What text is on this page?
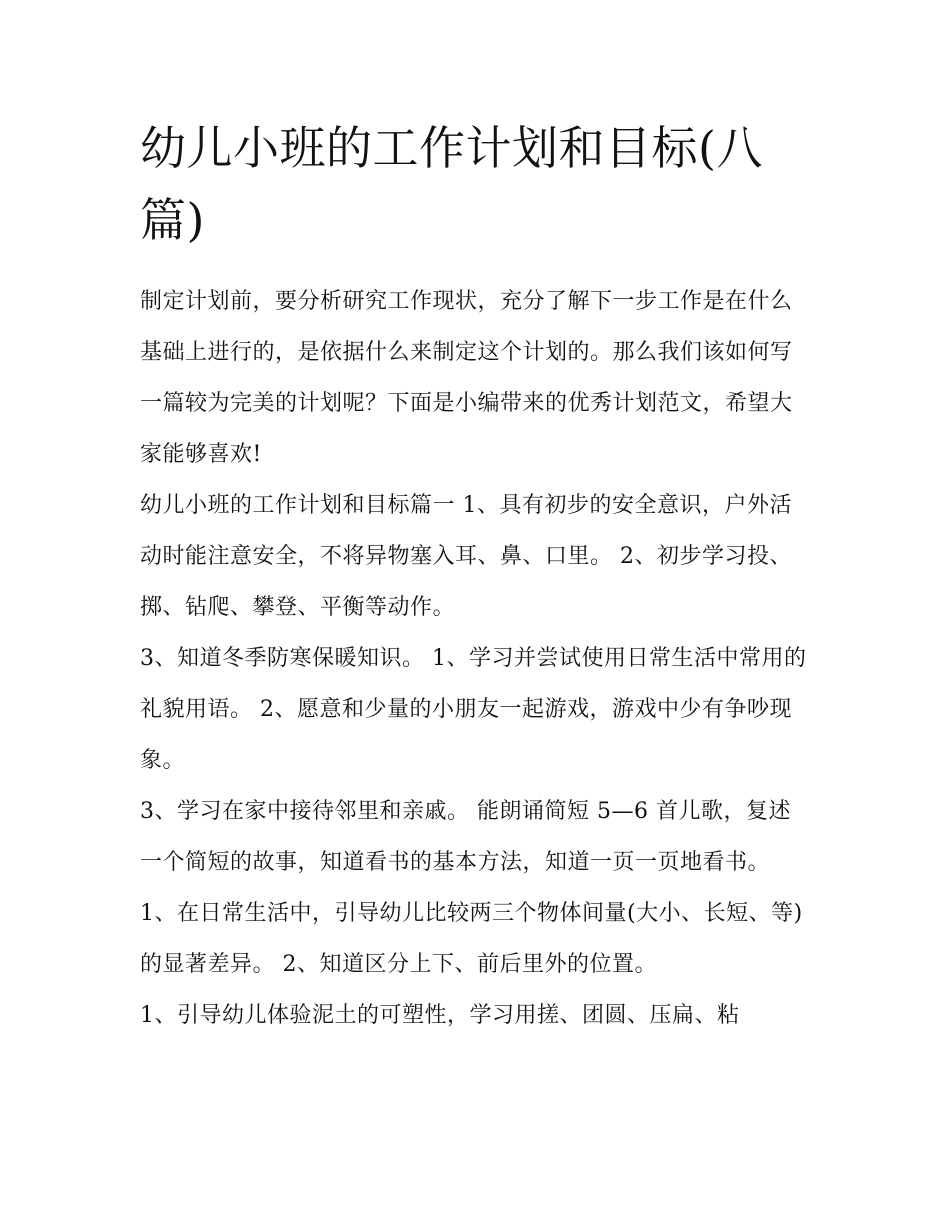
幼儿小班的工作计划和目标(八篇)

制定计划前，要分析研究工作现状，充分了解下一步工作是在什么基础上进行的，是依据什么来制定这个计划的。那么我们该如何写一篇较为完美的计划呢？下面是小编带来的优秀计划范文，希望大家能够喜欢!

幼儿小班的工作计划和目标篇一 1、具有初步的安全意识，户外活动时能注意安全，不将异物塞入耳、鼻、口里。 2、初步学习投、掷、钻爬、攀登、平衡等动作。

3、知道冬季防寒保暖知识。 1、学习并尝试使用日常生活中常用的礼貌用语。 2、愿意和少量的小朋友一起游戏，游戏中少有争吵现象。

3、学习在家中接待邻里和亲戚。 能朗诵简短 5—6 首儿歌，复述一个简短的故事，知道看书的基本方法，知道一页一页地看书。

1、在日常生活中，引导幼儿比较两三个物体间量(大小、长短、等)的显著差异。 2、知道区分上下、前后里外的位置。

1、引导幼儿体验泥土的可塑性，学习用搓、团圆、压扁、粘
